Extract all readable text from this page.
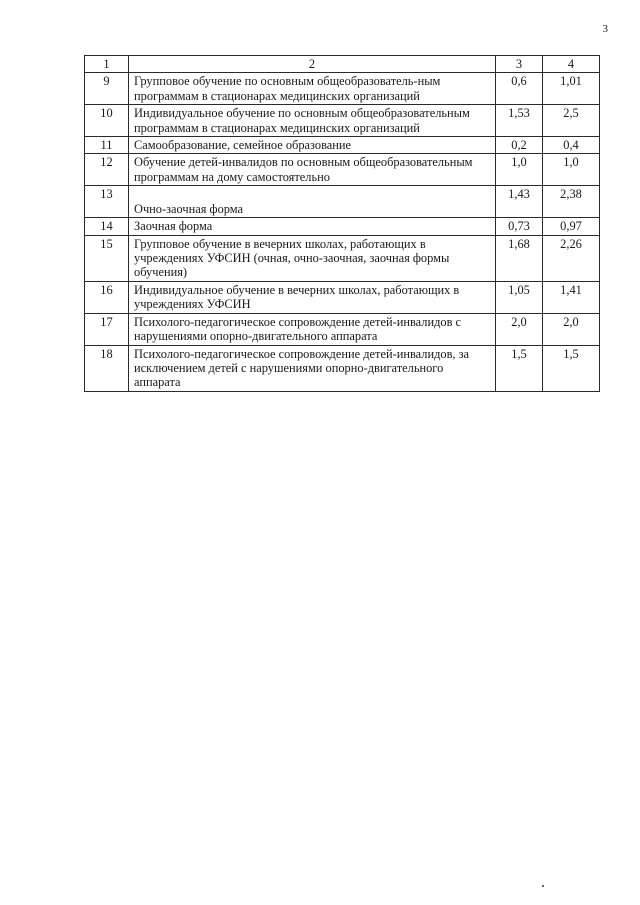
3
1	2	3	4
9	Групповое обучение по основным общеобразователь-ным программам в стационарах медицинских организаций	0,6	1,01
10	Индивидуальное обучение по основным общеобразовательным программам в стационарах медицинских организаций	1,53	2,5
11	Самообразование, семейное образование	0,2	0,4
12	Обучение детей-инвалидов по основным общеобразовательным программам на дому самостоятельно	1,0	1,0
13	Очно-заочная форма	1,43	2,38
14	Заочная форма	0,73	0,97
15	Групповое обучение в вечерних школах, работающих в учреждениях УФСИН (очная, очно-заочная, заочная формы обучения)	1,68	2,26
16	Индивидуальное обучение в вечерних школах, работающих в учреждениях УФСИН	1,05	1,41
17	Психолого-педагогическое сопровождение детей-инвалидов с нарушениями опорно-двигательного аппарата	2,0	2,0
18	Психолого-педагогическое сопровождение детей-инвалидов, за исключением детей с нарушениями опорно-двигательного аппарата	1,5	1,5
